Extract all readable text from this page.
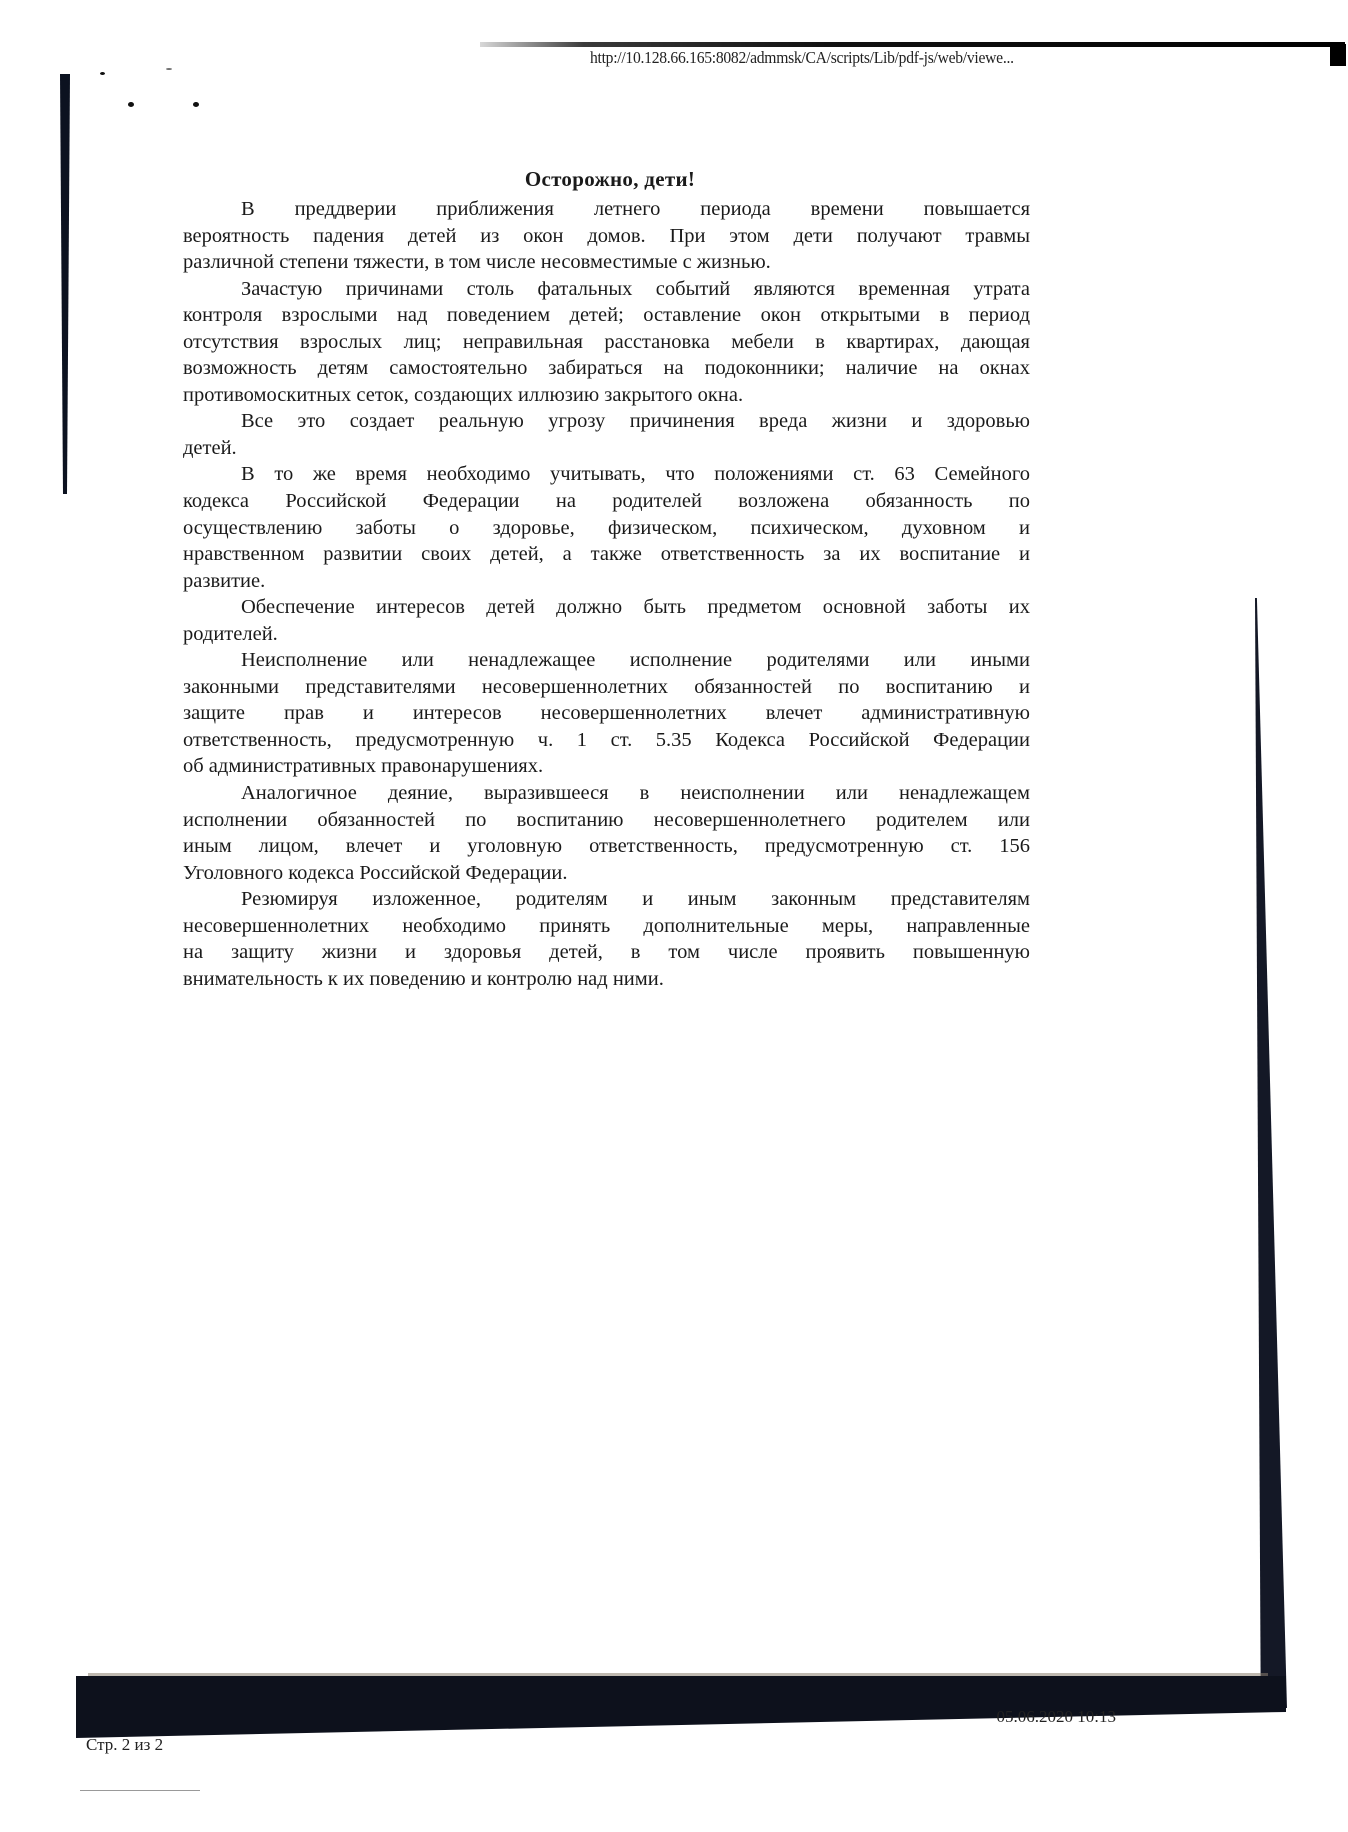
http://10.128.66.165:8082/admmsk/CA/scripts/Lib/pdf-js/web/viewe...
Осторожно, дети!
В преддверии приближения летнего периода времени повышается
вероятность падения детей из окон домов. При этом дети получают травмы
различной степени тяжести, в том числе несовместимые с жизнью.
Зачастую причинами столь фатальных событий являются временная утрата
контроля взрослыми над поведением детей; оставление окон открытыми в период
отсутствия взрослых лиц; неправильная расстановка мебели в квартирах, дающая
возможность детям самостоятельно забираться на подоконники; наличие на окнах
противомоскитных сеток, создающих иллюзию закрытого окна.
Все это создает реальную угрозу причинения вреда жизни и здоровью
детей.
В то же время необходимо учитывать, что положениями ст. 63 Семейного
кодекса Российской Федерации на родителей возложена обязанность по
осуществлению заботы о здоровье, физическом, психическом, духовном и
нравственном развитии своих детей, а также ответственность за их воспитание и
развитие.
Обеспечение интересов детей должно быть предметом основной заботы их
родителей.
Неисполнение или ненадлежащее исполнение родителями или иными
законными представителями несовершеннолетних обязанностей по воспитанию и
защите прав и интересов несовершеннолетних влечет административную
ответственность, предусмотренную ч. 1 ст. 5.35 Кодекса Российской Федерации
об административных правонарушениях.
Аналогичное деяние, выразившееся в неисполнении или ненадлежащем
исполнении обязанностей по воспитанию несовершеннолетнего родителем или
иным лицом, влечет и уголовную ответственность, предусмотренную ст. 156
Уголовного кодекса Российской Федерации.
Резюмируя изложенное, родителям и иным законным представителям
несовершеннолетних необходимо принять дополнительные меры, направленные
на защиту жизни и здоровья детей, в том числе проявить повышенную
внимательность к их поведению и контролю над ними.
05.06.2020 10:13
Стр. 2 из 2
